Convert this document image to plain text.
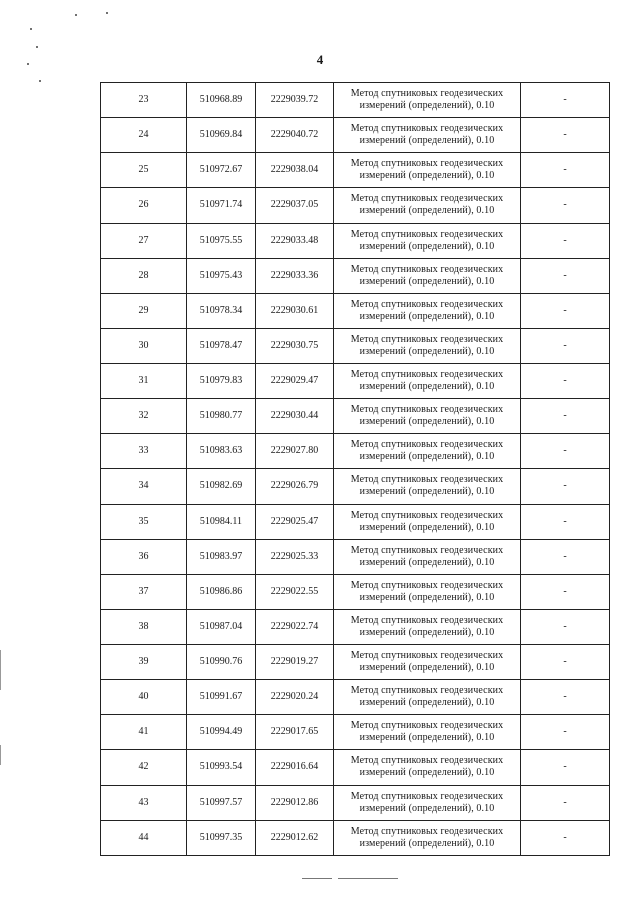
4
23	510968.89	2229039.72	Метод спутниковых геодезических
измерений (определений), 0.10	-
24	510969.84	2229040.72	Метод спутниковых геодезических
измерений (определений), 0.10	-
25	510972.67	2229038.04	Метод спутниковых геодезических
измерений (определений), 0.10	-
26	510971.74	2229037.05	Метод спутниковых геодезических
измерений (определений), 0.10	-
27	510975.55	2229033.48	Метод спутниковых геодезических
измерений (определений), 0.10	-
28	510975.43	2229033.36	Метод спутниковых геодезических
измерений (определений), 0.10	-
29	510978.34	2229030.61	Метод спутниковых геодезических
измерений (определений), 0.10	-
30	510978.47	2229030.75	Метод спутниковых геодезических
измерений (определений), 0.10	-
31	510979.83	2229029.47	Метод спутниковых геодезических
измерений (определений), 0.10	-
32	510980.77	2229030.44	Метод спутниковых геодезических
измерений (определений), 0.10	-
33	510983.63	2229027.80	Метод спутниковых геодезических
измерений (определений), 0.10	-
34	510982.69	2229026.79	Метод спутниковых геодезических
измерений (определений), 0.10	-
35	510984.11	2229025.47	Метод спутниковых геодезических
измерений (определений), 0.10	-
36	510983.97	2229025.33	Метод спутниковых геодезических
измерений (определений), 0.10	-
37	510986.86	2229022.55	Метод спутниковых геодезических
измерений (определений), 0.10	-
38	510987.04	2229022.74	Метод спутниковых геодезических
измерений (определений), 0.10	-
39	510990.76	2229019.27	Метод спутниковых геодезических
измерений (определений), 0.10	-
40	510991.67	2229020.24	Метод спутниковых геодезических
измерений (определений), 0.10	-
41	510994.49	2229017.65	Метод спутниковых геодезических
измерений (определений), 0.10	-
42	510993.54	2229016.64	Метод спутниковых геодезических
измерений (определений), 0.10	-
43	510997.57	2229012.86	Метод спутниковых геодезических
измерений (определений), 0.10	-
44	510997.35	2229012.62	Метод спутниковых геодезических
измерений (определений), 0.10	-
